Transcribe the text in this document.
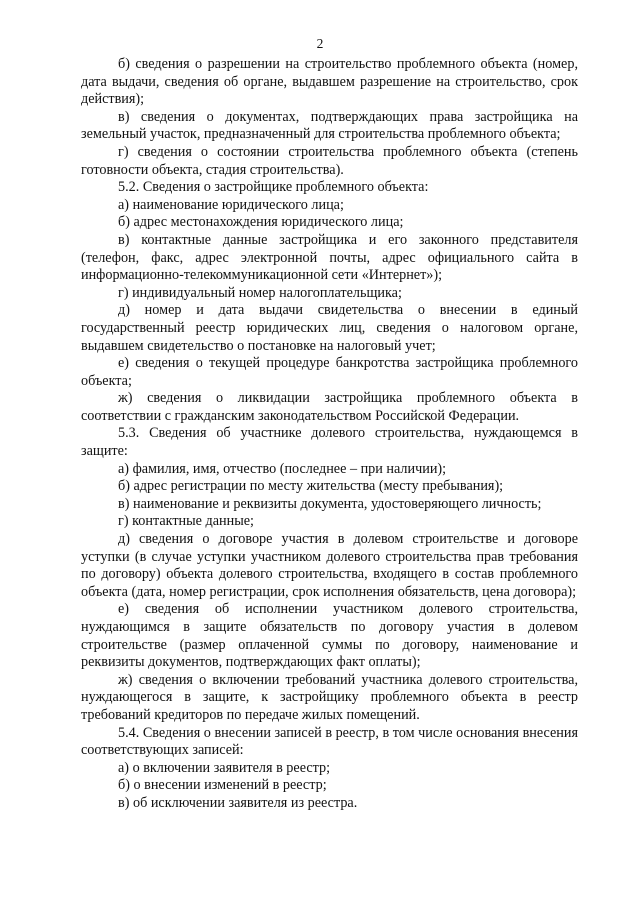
2

б) сведения о разрешении на строительство проблемного объекта (номер, дата выдачи, сведения об органе, выдавшем разрешение на строительство, срок действия);

в) сведения о документах, подтверждающих права застройщика на земельный участок, предназначенный для строительства проблемного объекта;

г) сведения о состоянии строительства проблемного объекта (степень готовности объекта, стадия строительства).

5.2. Сведения о застройщике проблемного объекта:

а) наименование юридического лица;

б) адрес местонахождения юридического лица;

в) контактные данные застройщика и его законного представителя (телефон, факс, адрес электронной почты, адрес официального сайта в информационно-телекоммуникационной сети «Интернет»);

г) индивидуальный номер налогоплательщика;

д) номер и дата выдачи свидетельства о внесении в единый государственный реестр юридических лиц, сведения о налоговом органе, выдавшем свидетельство о постановке на налоговый учет;

е) сведения о текущей процедуре банкротства застройщика проблемного объекта;

ж) сведения о ликвидации застройщика проблемного объекта в соответствии с гражданским законодательством Российской Федерации.

5.3. Сведения об участнике долевого строительства, нуждающемся в защите:

а) фамилия, имя, отчество (последнее – при наличии);

б) адрес регистрации по месту жительства (месту пребывания);

в) наименование и реквизиты документа, удостоверяющего личность;

г) контактные данные;

д) сведения о договоре участия в долевом строительстве и договоре уступки (в случае уступки участником долевого строительства прав требования по договору) объекта долевого строительства, входящего в состав проблемного объекта (дата, номер регистрации, срок исполнения обязательств, цена договора);

е) сведения об исполнении участником долевого строительства, нуждающимся в защите обязательств по договору участия в долевом строительстве (размер оплаченной суммы по договору, наименование и реквизиты документов, подтверждающих факт оплаты);

ж) сведения о включении требований участника долевого строительства, нуждающегося в защите, к застройщику проблемного объекта в реестр требований кредиторов по передаче жилых помещений.

5.4. Сведения о внесении записей в реестр, в том числе основания внесения соответствующих записей:

а) о включении заявителя в реестр;

б) о внесении изменений в реестр;

в) об исключении заявителя из реестра.
